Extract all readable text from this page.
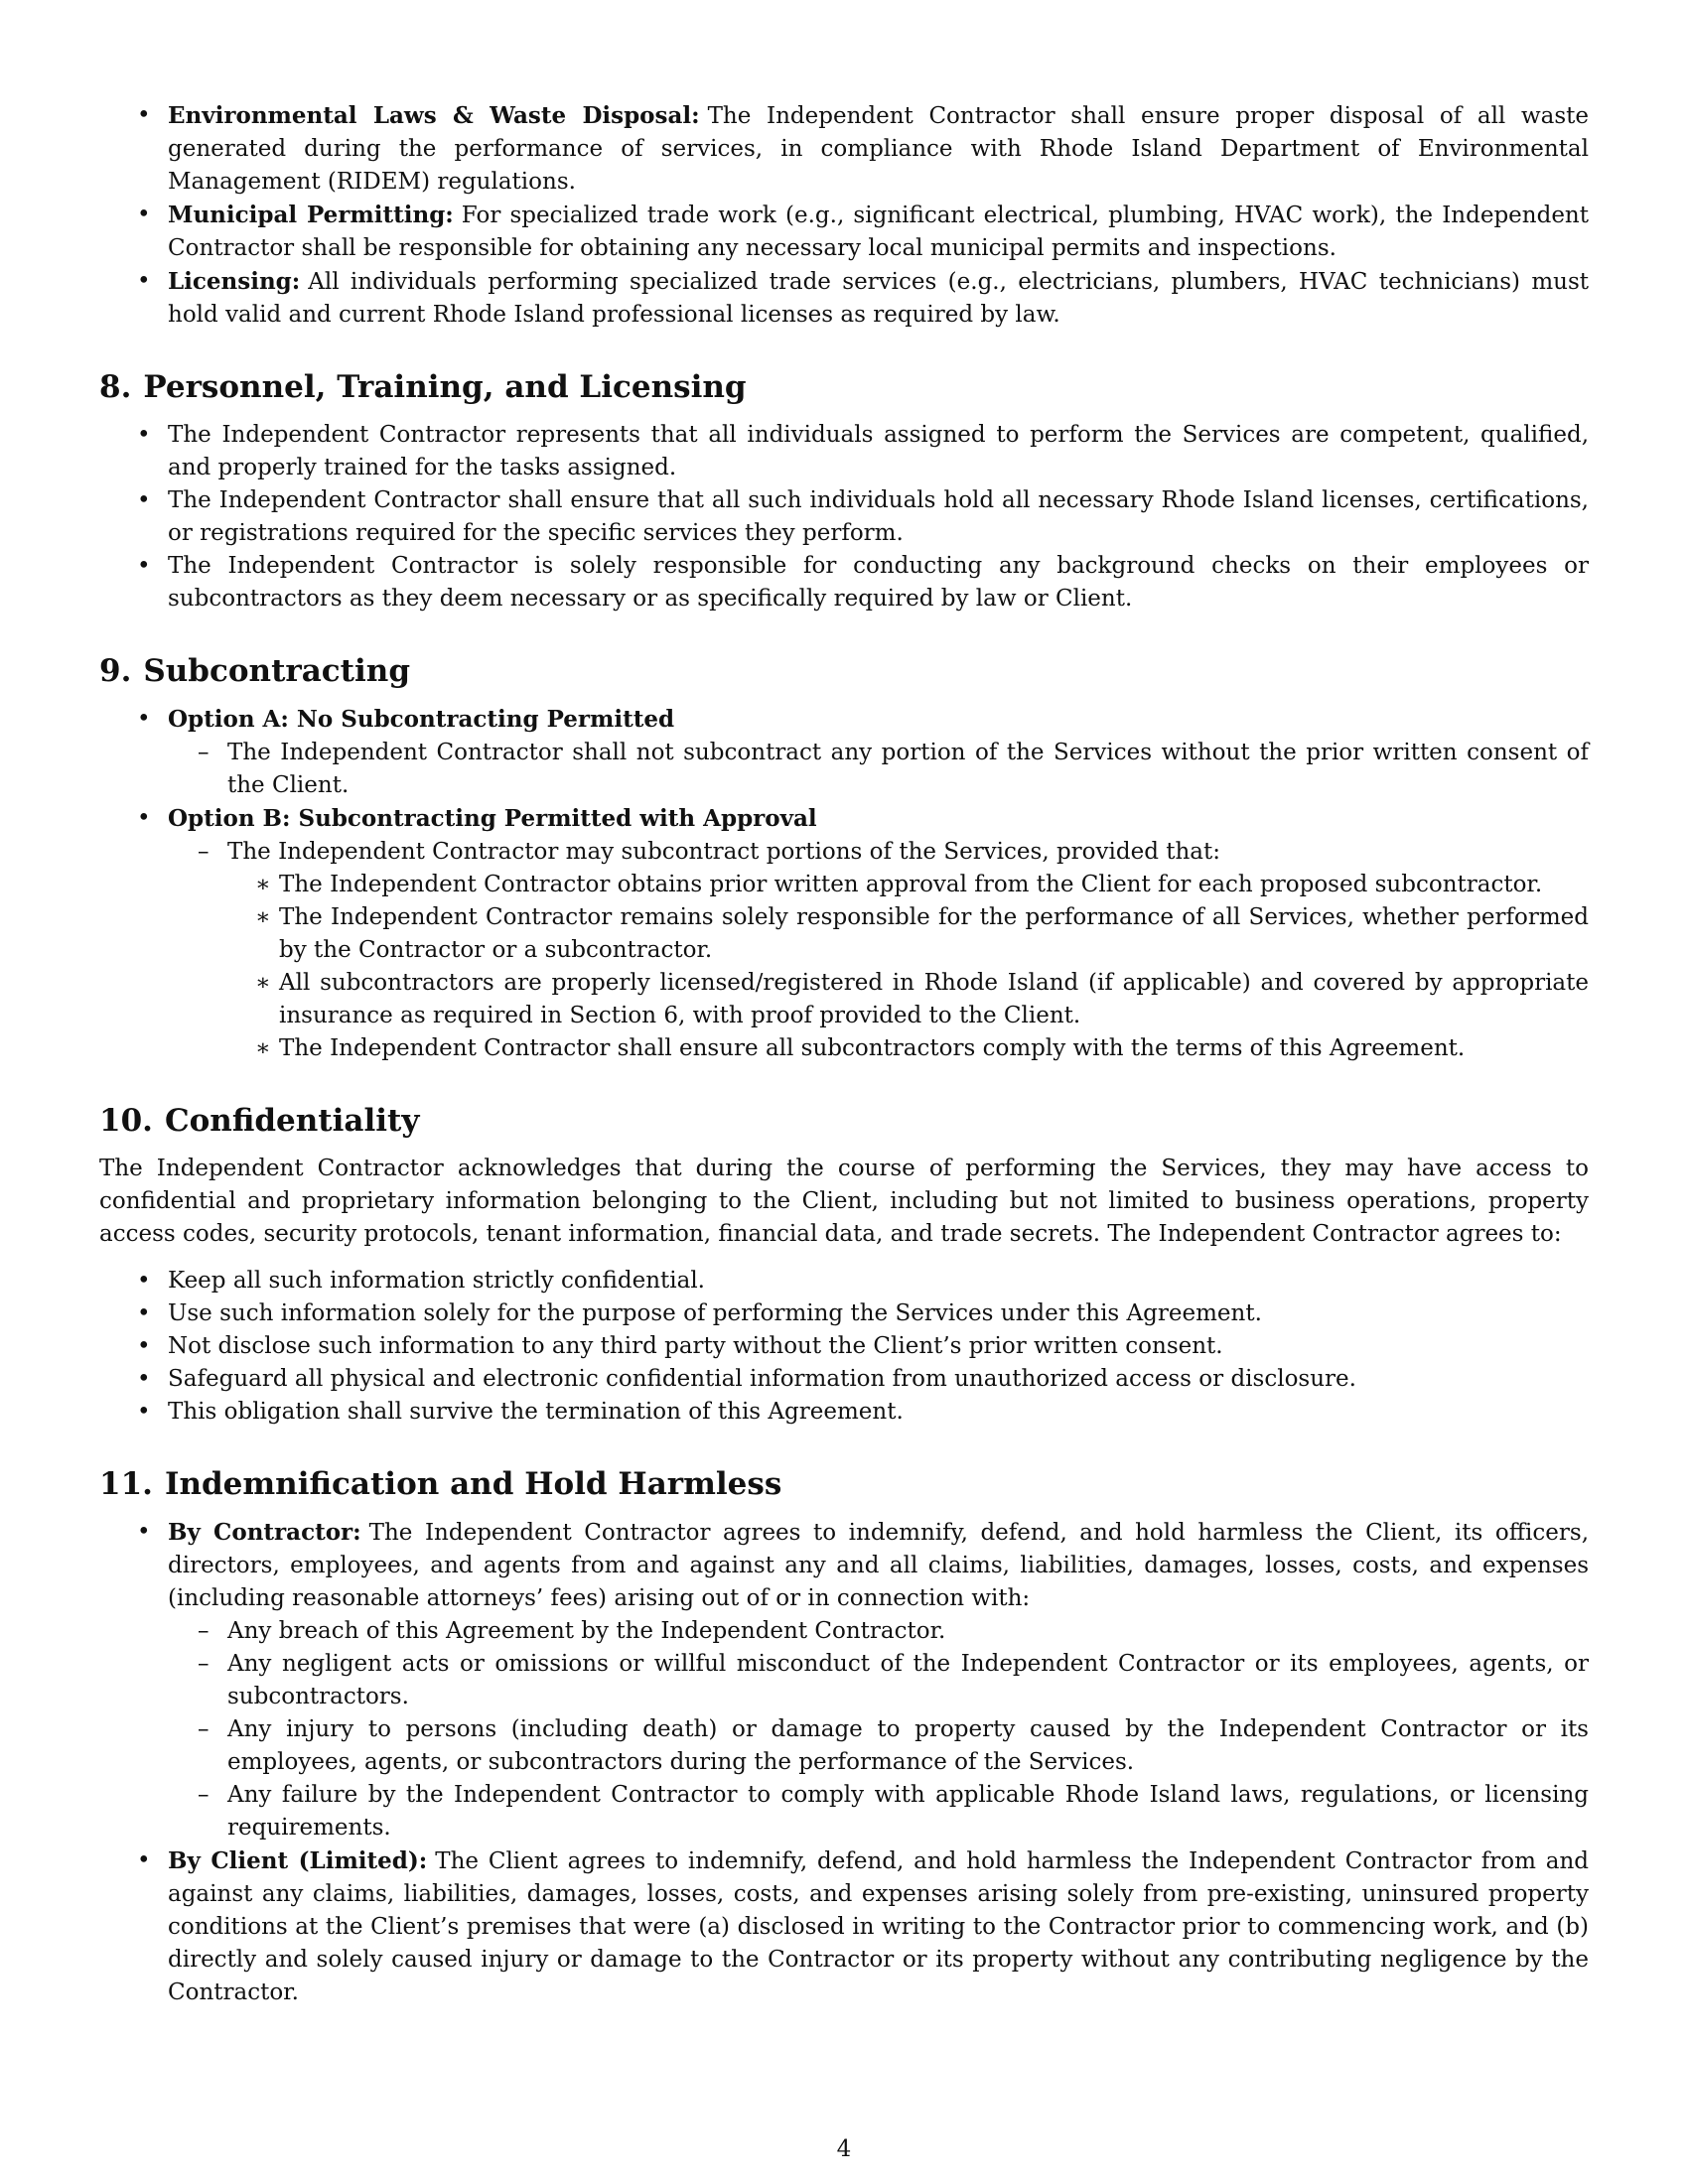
• Environmental Laws & Waste Disposal: The Independent Contractor shall ensure proper disposal of all waste generated during the performance of services, in compliance with Rhode Island Department of Environmental Management (RIDEM) regulations.
• Municipal Permitting: For specialized trade work (e.g., significant electrical, plumbing, HVAC work), the Independent Contractor shall be responsible for obtaining any necessary local municipal permits and inspections.
• Licensing: All individuals performing specialized trade services (e.g., electricians, plumbers, HVAC technicians) must hold valid and current Rhode Island professional licenses as required by law.
8. Personnel, Training, and Licensing
• The Independent Contractor represents that all individuals assigned to perform the Services are competent, qualified, and properly trained for the tasks assigned.
• The Independent Contractor shall ensure that all such individuals hold all necessary Rhode Island licenses, certifications, or registrations required for the specific services they perform.
• The Independent Contractor is solely responsible for conducting any background checks on their employees or subcontractors as they deem necessary or as specifically required by law or Client.
9. Subcontracting
• Option A: No Subcontracting Permitted
– The Independent Contractor shall not subcontract any portion of the Services without the prior written consent of the Client.
• Option B: Subcontracting Permitted with Approval
– The Independent Contractor may subcontract portions of the Services, provided that:
∗ The Independent Contractor obtains prior written approval from the Client for each proposed subcontractor.
∗ The Independent Contractor remains solely responsible for the performance of all Services, whether performed by the Contractor or a subcontractor.
∗ All subcontractors are properly licensed/registered in Rhode Island (if applicable) and covered by appropriate insurance as required in Section 6, with proof provided to the Client.
∗ The Independent Contractor shall ensure all subcontractors comply with the terms of this Agreement.
10. Confidentiality

The Independent Contractor acknowledges that during the course of performing the Services, they may have access to confidential and proprietary information belonging to the Client, including but not limited to business operations, property access codes, security protocols, tenant information, financial data, and trade secrets. The Independent Contractor agrees to:

• Keep all such information strictly confidential.
• Use such information solely for the purpose of performing the Services under this Agreement.
• Not disclose such information to any third party without the Client’s prior written consent.
• Safeguard all physical and electronic confidential information from unauthorized access or disclosure.
• This obligation shall survive the termination of this Agreement.
11. Indemnification and Hold Harmless
• By Contractor: The Independent Contractor agrees to indemnify, defend, and hold harmless the Client, its officers, directors, employees, and agents from and against any and all claims, liabilities, damages, losses, costs, and expenses (including reasonable attorneys’ fees) arising out of or in connection with:
– Any breach of this Agreement by the Independent Contractor.
– Any negligent acts or omissions or willful misconduct of the Independent Contractor or its employees, agents, or subcontractors.
– Any injury to persons (including death) or damage to property caused by the Independent Contractor or its employees, agents, or subcontractors during the performance of the Services.
– Any failure by the Independent Contractor to comply with applicable Rhode Island laws, regulations, or licensing requirements.
• By Client (Limited): The Client agrees to indemnify, defend, and hold harmless the Independent Contractor from and against any claims, liabilities, damages, losses, costs, and expenses arising solely from pre-existing, uninsured property conditions at the Client’s premises that were (a) disclosed in writing to the Contractor prior to commencing work, and (b) directly and solely caused injury or damage to the Contractor or its property without any contributing negligence by the Contractor.
4
